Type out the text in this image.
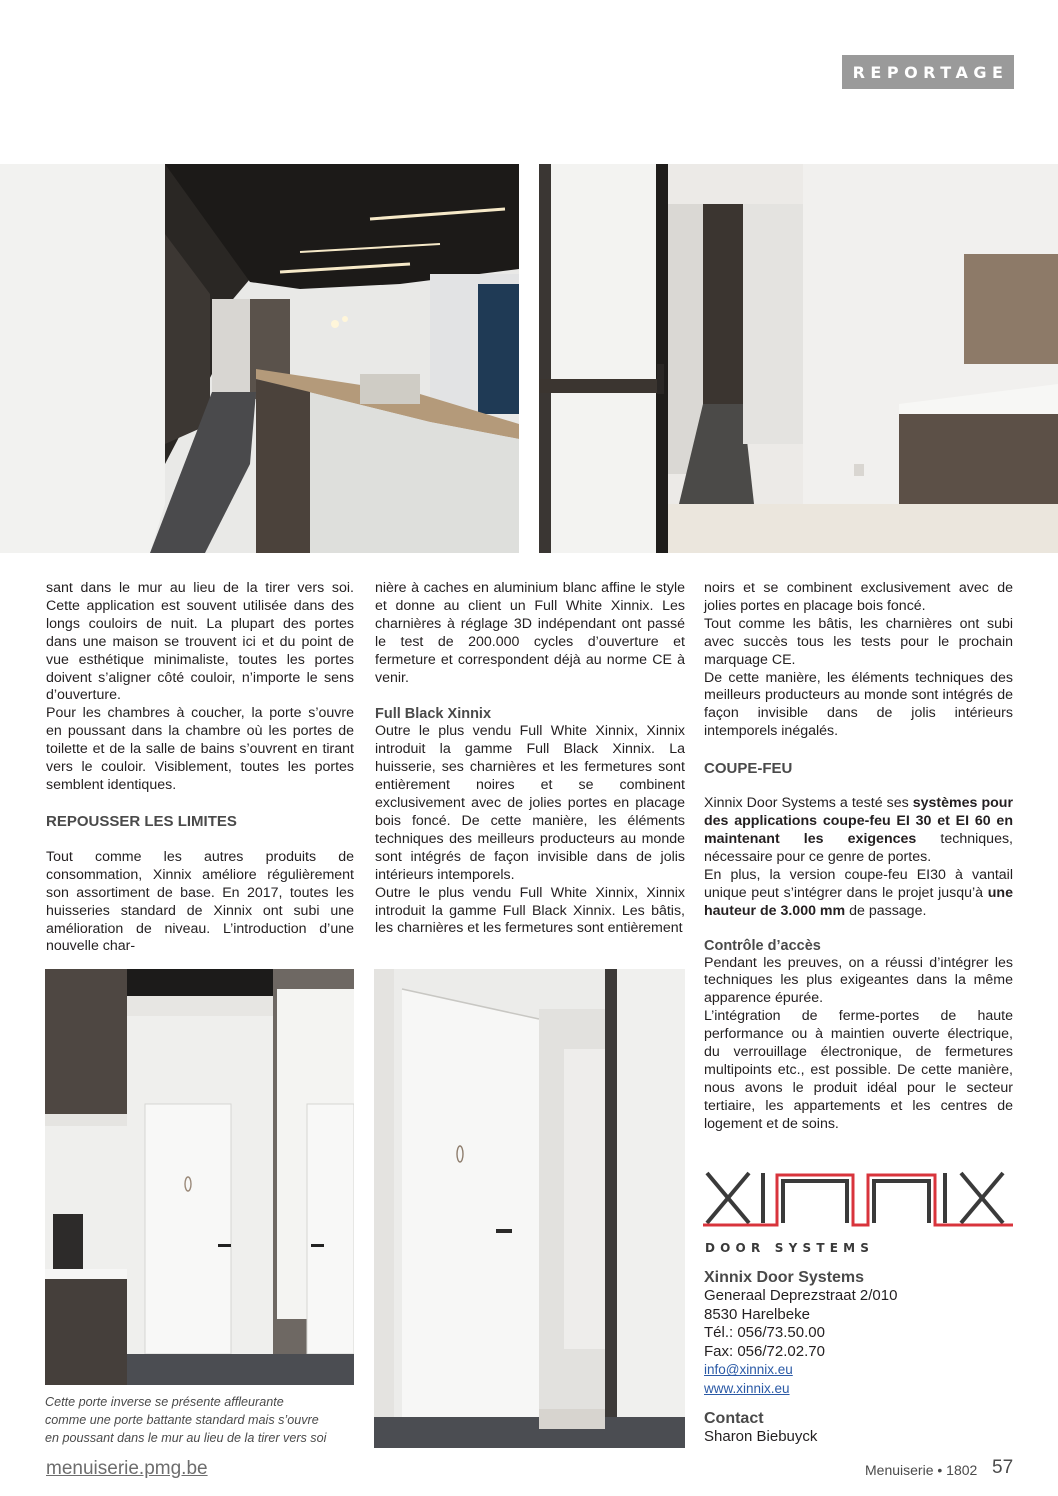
REPORTAGE

sant dans le mur au lieu de la tirer vers soi. Cette application est souvent utilisée dans des longs couloirs de nuit. La plupart des portes dans une maison se trouvent ici et du point de vue esthétique minimaliste, toutes les portes doivent s’aligner côté couloir, n’importe le sens d’ouverture.

Pour les chambres à coucher, la porte s’ouvre en poussant dans la chambre où les portes de toilette et de la salle de bains s’ouvrent en tirant vers le couloir. Visiblement, toutes les portes semblent identiques.

REPOUSSER LES LIMITES

Tout comme les autres produits de consommation, Xinnix améliore régulièrement son assortiment de base. En 2017, toutes les huisseries standard de Xinnix ont subi une amélioration de niveau. L’introduction d’une nouvelle char-

nière à caches en aluminium blanc affine le style et donne au client un Full White Xinnix. Les charnières à réglage 3D indépendant ont passé le test de 200.000 cycles d’ouverture et fermeture et correspondent déjà au norme CE à venir.

Full Black Xinnix

Outre le plus vendu Full White Xinnix, Xinnix introduit la gamme Full Black Xinnix. La huisserie, ses charnières et les fermetures sont entièrement noires et se combinent exclusivement avec de jolies portes en placage bois foncé. De cette manière, les éléments techniques des meilleurs producteurs au monde sont intégrés de façon invisible dans de jolis intérieurs intemporels.

Outre le plus vendu Full White Xinnix, Xinnix introduit la gamme Full Black Xinnix. Les bâtis, les charnières et les fermetures sont entièrement

noirs et se combinent exclusivement avec de jolies portes en placage bois foncé.

Tout comme les bâtis, les charnières ont subi avec succès tous les tests pour le prochain marquage CE.

De cette manière, les éléments techniques des meilleurs producteurs au monde sont intégrés de façon invisible dans de jolis intérieurs intemporels inégalés.

COUPE-FEU

Xinnix Door Systems a testé ses systèmes pour des applications coupe-feu EI 30 et EI 60 en maintenant les exigences techniques, nécessaire pour ce genre de portes.

En plus, la version coupe-feu EI30 à vantail unique peut s’intégrer dans le projet jusqu’à une hauteur de 3.000 mm de passage.

Contrôle d’accès

Pendant les preuves, on a réussi d’intégrer les techniques les plus exigeantes dans la même apparence épurée.

L’intégration de ferme-portes de haute performance ou à maintien ouverte électrique, du verrouillage électronique, de fermetures multipoints etc., est possible. De cette manière, nous avons le produit idéal pour le secteur tertiaire, les appartements et les centres de logement et de soins.

Cette porte inverse se présente affleurante
comme une porte battante standard mais s’ouvre
en poussant dans le mur au lieu de la tirer vers soi
DOOR SYSTEMS
Xinnix Door Systems
Generaal Deprezstraat 2/010
8530 Harelbeke
Tél.: 056/73.50.00
Fax: 056/72.02.70
info@xinnix.eu
www.xinnix.eu
Contact
Sharon Biebuyck
menuiserie.pmg.be	Menuiserie • 1802 57
